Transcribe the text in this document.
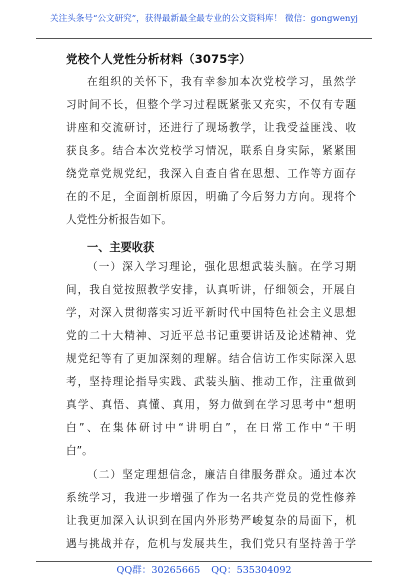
关注头条号“公文研究”，获得最新最全最专业的公文资料库！ 微信：gongwenyj
党校个人党性分析材料（3075字）
在组织的关怀下，我有幸参加本次党校学习，虽然学
习时间不长，但整个学习过程既紧张又充实，不仅有专题
讲座和交流研讨，还进行了现场教学，让我受益匪浅、收
获良多。结合本次党校学习情况，联系自身实际，紧紧围
绕党章党规党纪，我深入自查自省在思想、工作等方面存
在的不足，全面剖析原因，明确了今后努力方向。现将个
人党性分析报告如下。
一、主要收获
（一）深入学习理论，强化思想武装头脑。在学习期
间，我自觉按照教学安排，认真听讲，仔细领会，开展自
学，对深入贯彻落实习近平新时代中国特色社会主义思想
党的二十大精神、习近平总书记重要讲话及论述精神、党
规党纪等有了更加深刻的理解。结合信访工作实际深入思
考，坚持理论指导实践、武装头脑、推动工作，注重做到
真学、真悟、真懂、真用，努力做到在学习思考中“想明
白”、在集体研讨中“讲明白”，在日常工作中“干明
白”。
（二）坚定理想信念，廉洁自律服务群众。通过本次
系统学习，我进一步增强了作为一名共产党员的党性修养
让我更加深入认识到在国内外形势严峻复杂的局面下，机
遇与挑战并存，危机与发展共生，我们党只有坚持善于学
QQ群：30265665 QQ：535304092
